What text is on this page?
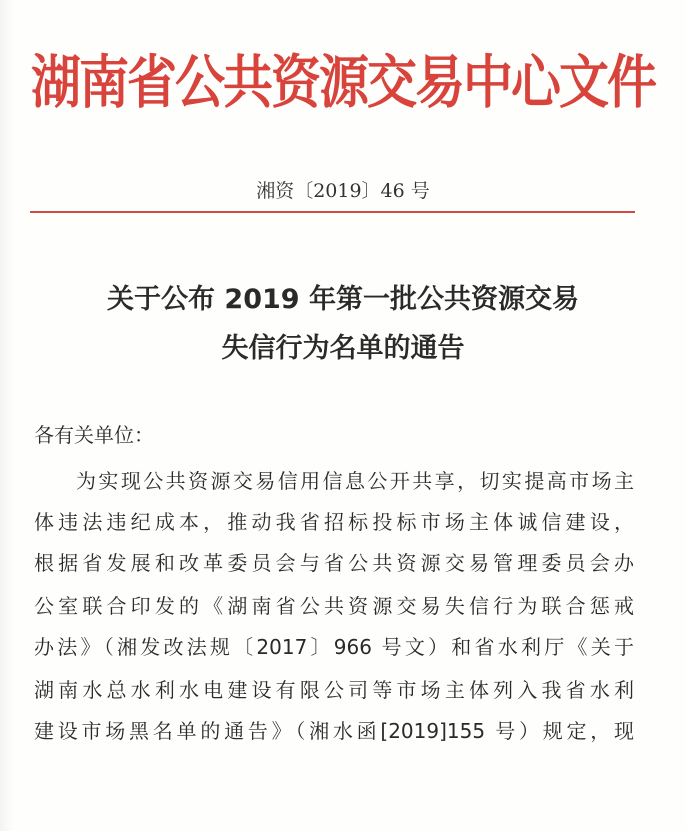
湖南省公共资源交易中心文件
湘资〔2019〕46 号
关于公布 2019 年第一批公共资源交易
失信行为名单的通告
各有关单位：
为实现公共资源交易信用信息公开共享，切实提高市场主
体违法违纪成本，推动我省招标投标市场主体诚信建设，
根据省发展和改革委员会与省公共资源交易管理委员会办
公室联合印发的《湖南省公共资源交易失信行为联合惩戒
办法》（湘发改法规〔2017〕966 号文）和省水利厅《关于
湖南水总水利水电建设有限公司等市场主体列入我省水利
建设市场黑名单的通告》（湘水函[2019]155 号）规定，现
